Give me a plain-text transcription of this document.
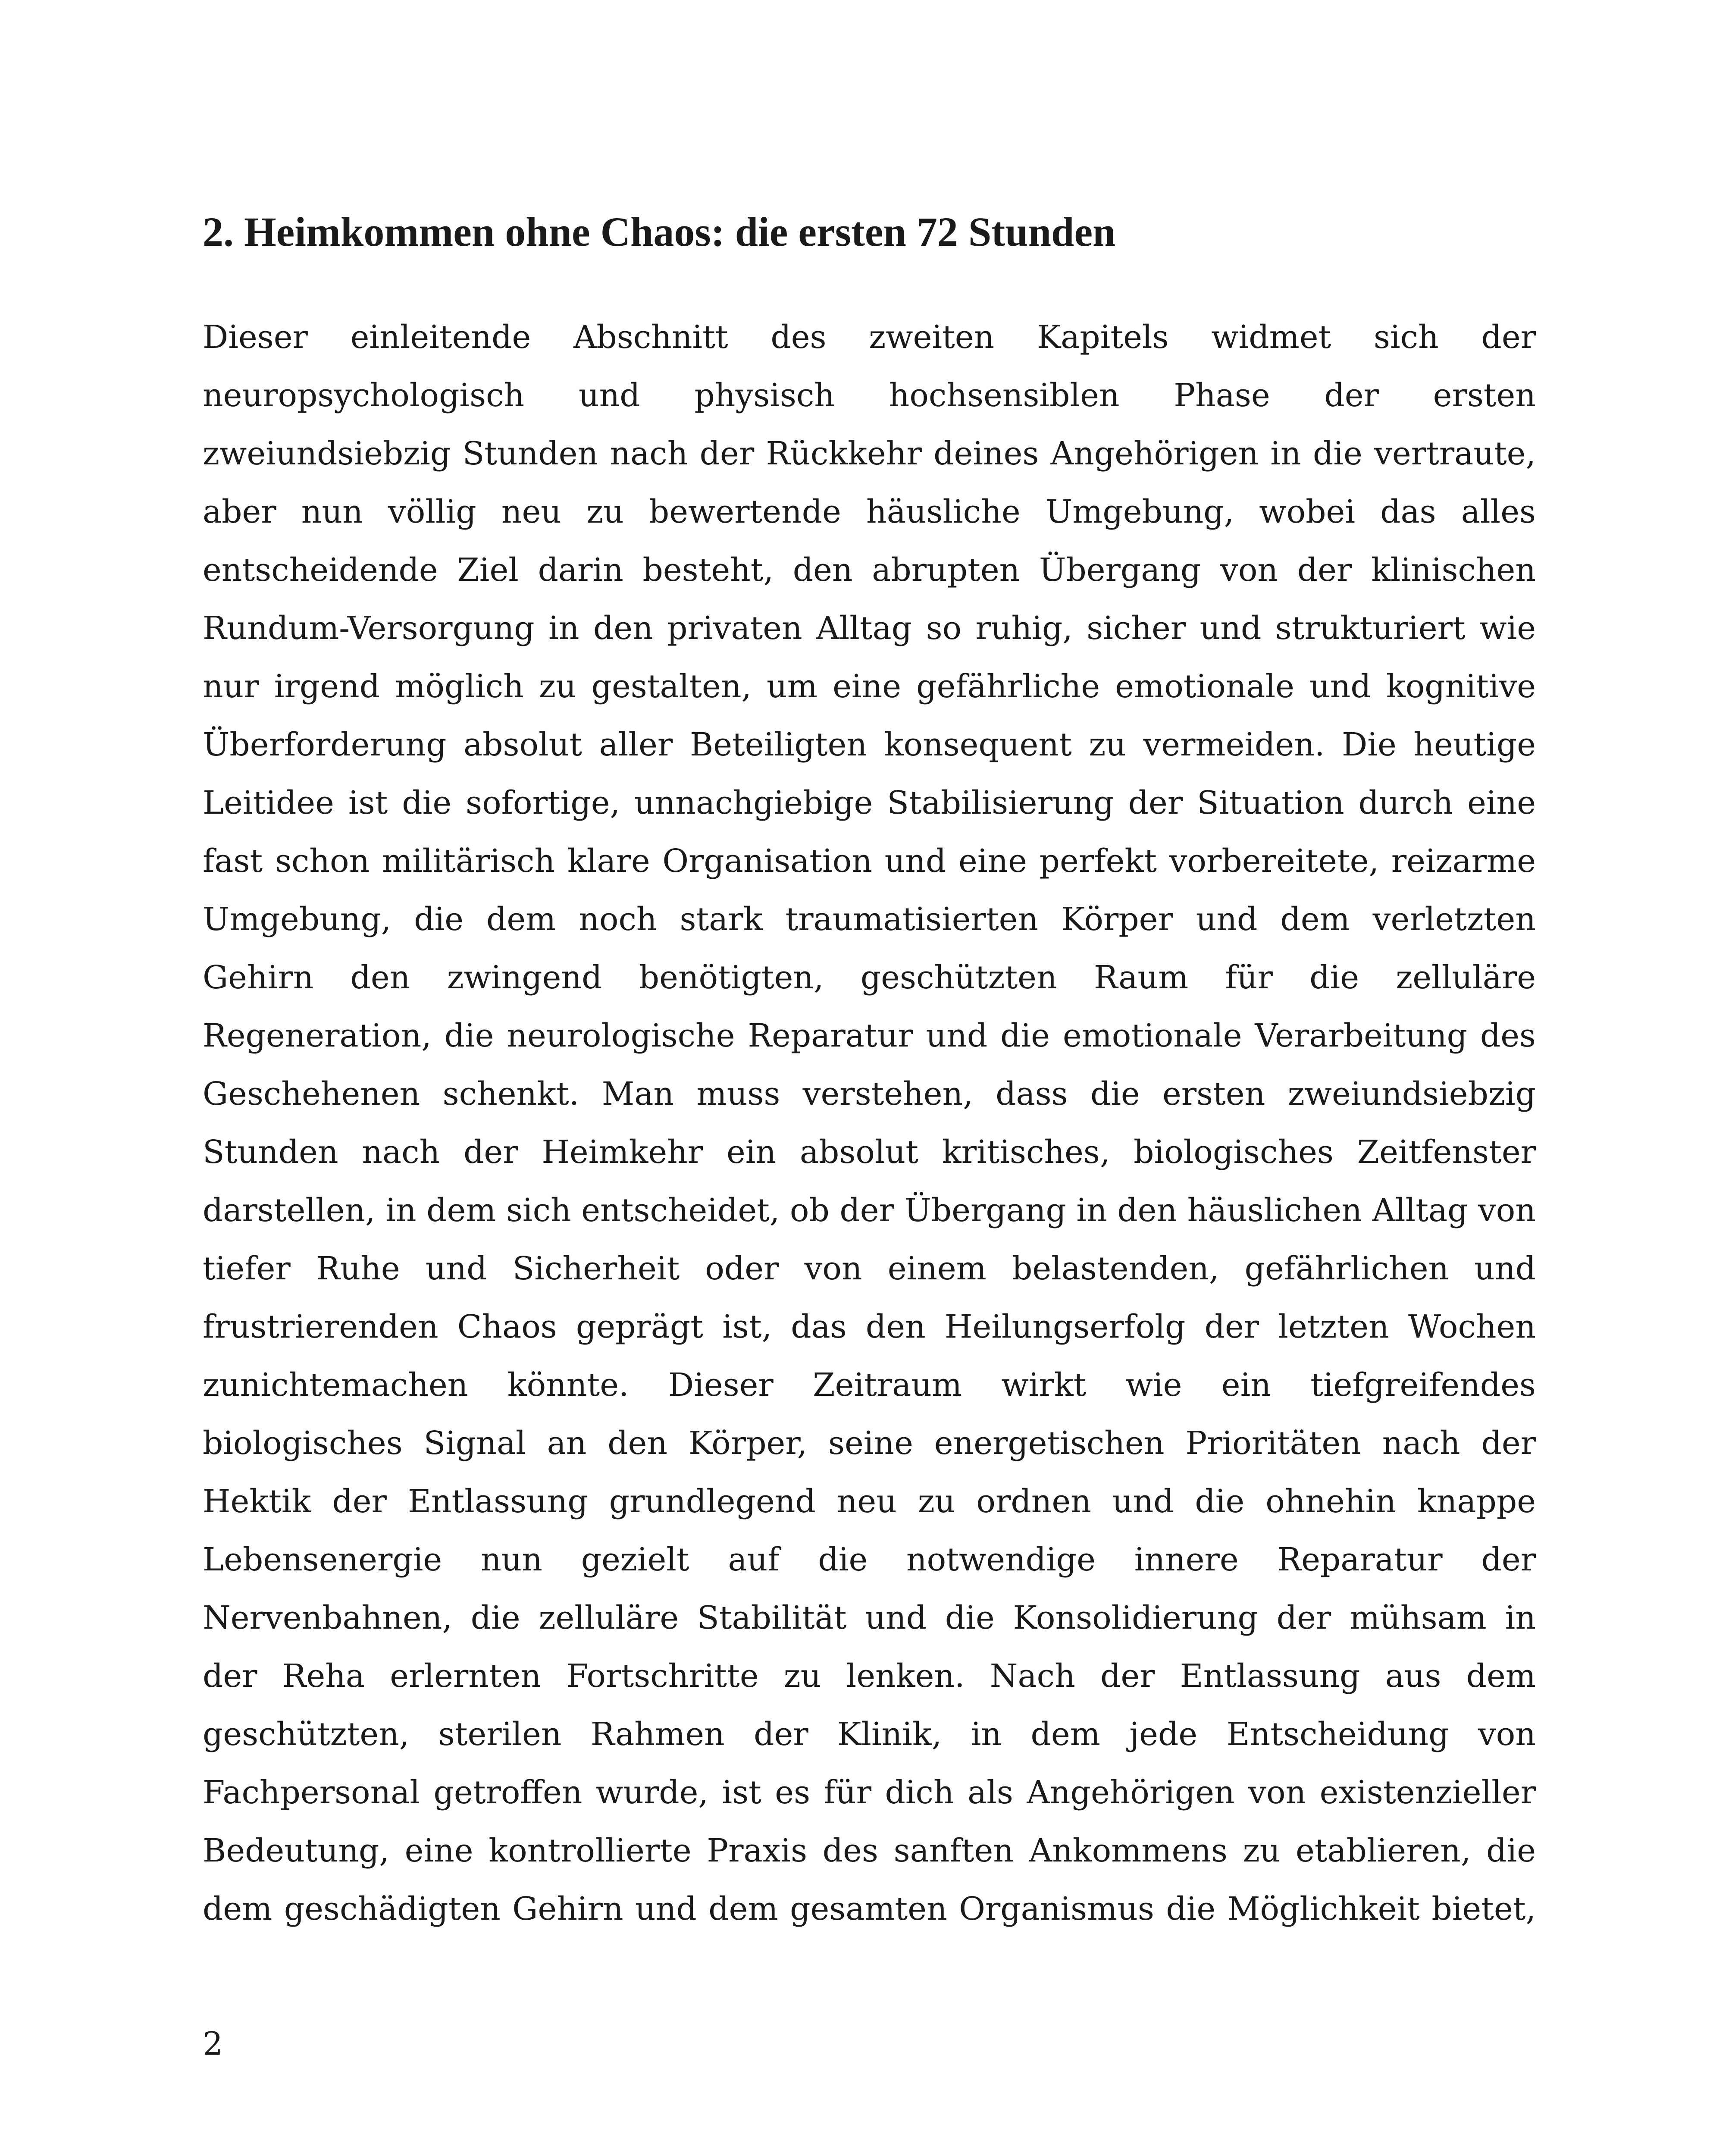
2. Heimkommen ohne Chaos: die ersten 72 Stunden
Dieser einleitende Abschnitt des zweiten Kapitels widmet sich der
neuropsychologisch und physisch hochsensiblen Phase der ersten
zweiundsiebzig Stunden nach der Rückkehr deines Angehörigen in die vertraute,
aber nun völlig neu zu bewertende häusliche Umgebung, wobei das alles
entscheidende Ziel darin besteht, den abrupten Übergang von der klinischen
Rundum-Versorgung in den privaten Alltag so ruhig, sicher und strukturiert wie
nur irgend möglich zu gestalten, um eine gefährliche emotionale und kognitive
Überforderung absolut aller Beteiligten konsequent zu vermeiden. Die heutige
Leitidee ist die sofortige, unnachgiebige Stabilisierung der Situation durch eine
fast schon militärisch klare Organisation und eine perfekt vorbereitete, reizarme
Umgebung, die dem noch stark traumatisierten Körper und dem verletzten
Gehirn den zwingend benötigten, geschützten Raum für die zelluläre
Regeneration, die neurologische Reparatur und die emotionale Verarbeitung des
Geschehenen schenkt. Man muss verstehen, dass die ersten zweiundsiebzig
Stunden nach der Heimkehr ein absolut kritisches, biologisches Zeitfenster
darstellen, in dem sich entscheidet, ob der Übergang in den häuslichen Alltag von
tiefer Ruhe und Sicherheit oder von einem belastenden, gefährlichen und
frustrierenden Chaos geprägt ist, das den Heilungserfolg der letzten Wochen
zunichtemachen könnte. Dieser Zeitraum wirkt wie ein tiefgreifendes
biologisches Signal an den Körper, seine energetischen Prioritäten nach der
Hektik der Entlassung grundlegend neu zu ordnen und die ohnehin knappe
Lebensenergie nun gezielt auf die notwendige innere Reparatur der
Nervenbahnen, die zelluläre Stabilität und die Konsolidierung der mühsam in
der Reha erlernten Fortschritte zu lenken. Nach der Entlassung aus dem
geschützten, sterilen Rahmen der Klinik, in dem jede Entscheidung von
Fachpersonal getroffen wurde, ist es für dich als Angehörigen von existenzieller
Bedeutung, eine kontrollierte Praxis des sanften Ankommens zu etablieren, die
dem geschädigten Gehirn und dem gesamten Organismus die Möglichkeit bietet,
2
